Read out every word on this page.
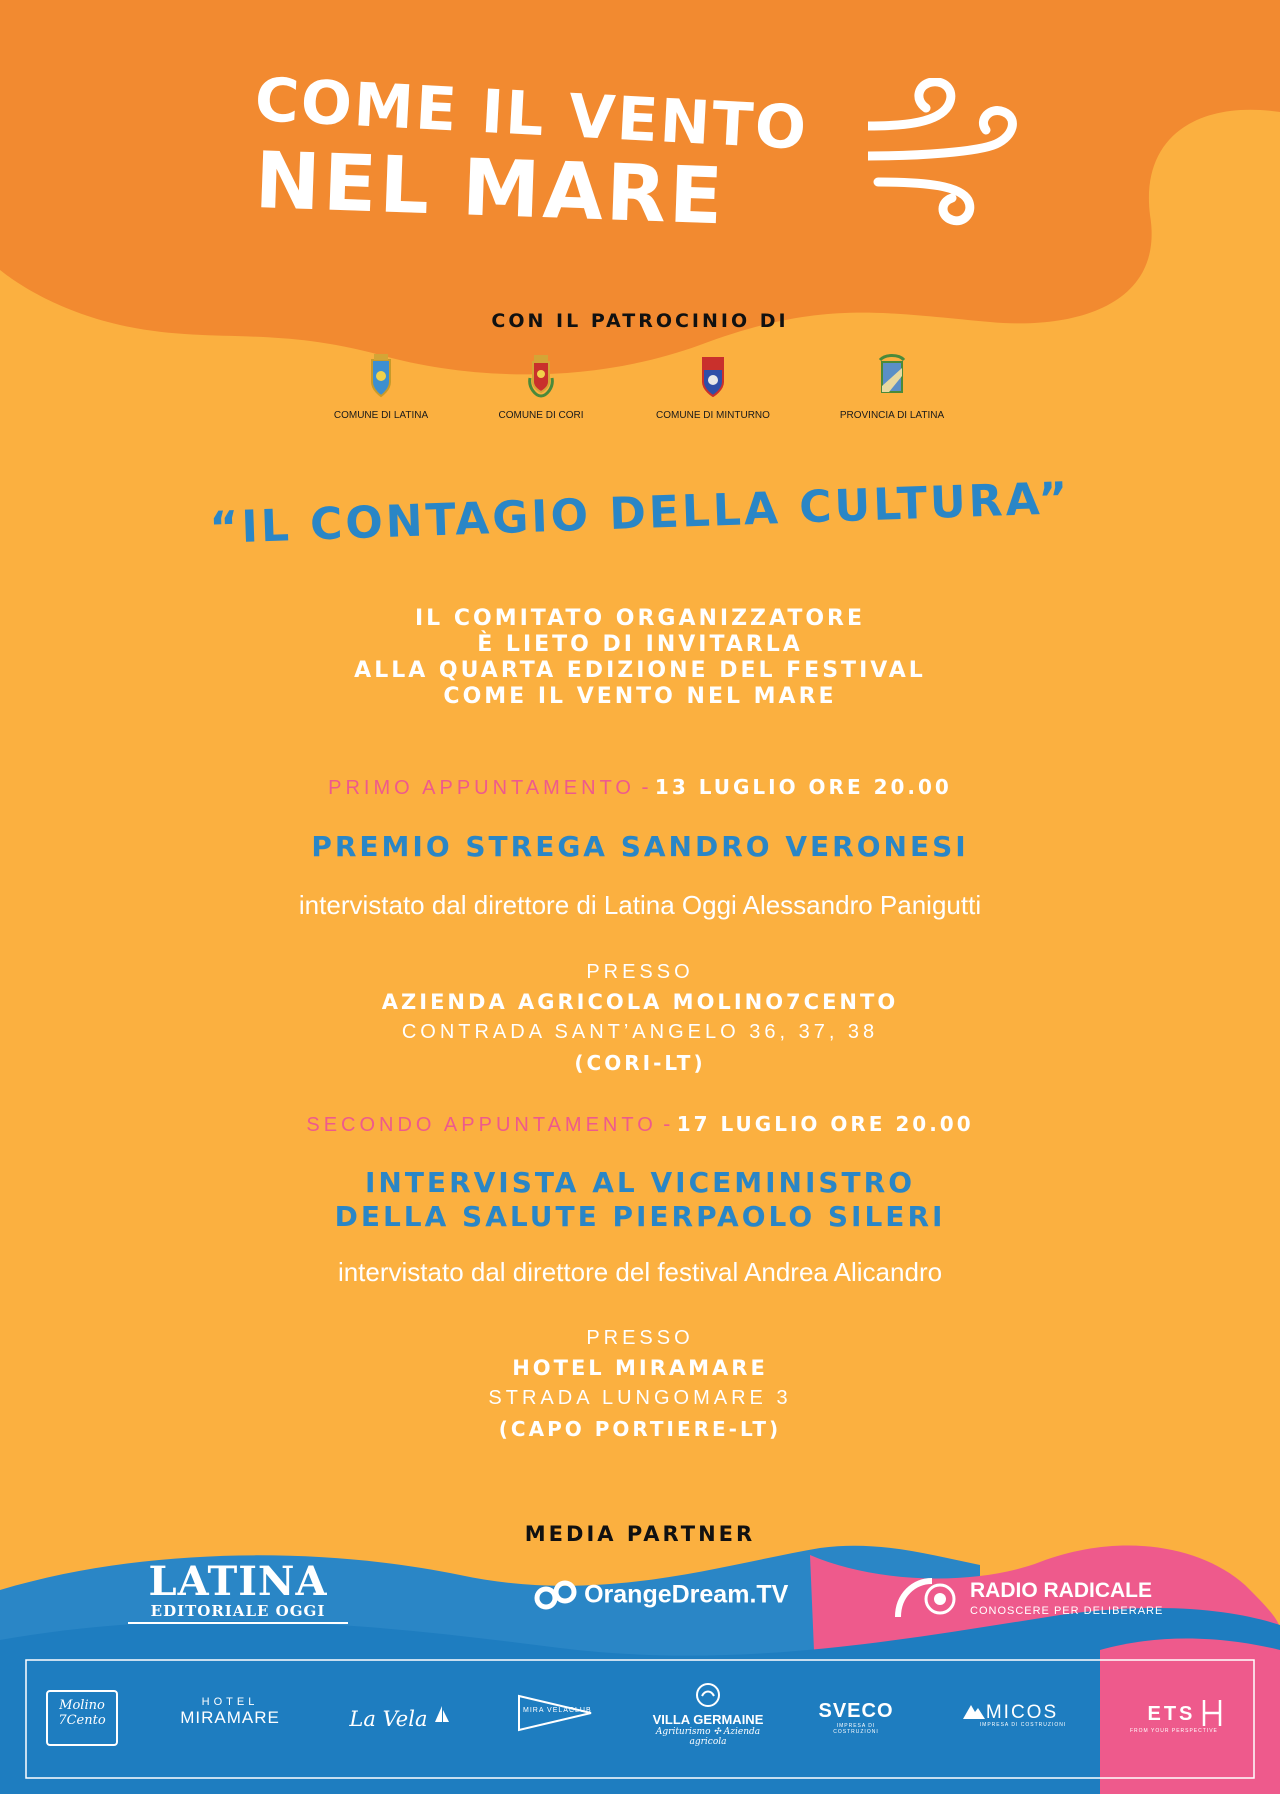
COME IL VENTO
NEL MARE
CON IL PATROCINIO DI
COMUNE DI LATINA	COMUNE DI CORI	COMUNE DI MINTURNO	PROVINCIA DI LATINA
“IL CONTAGIO DELLA CULTURA”
IL COMITATO ORGANIZZATORE
È LIETO DI INVITARLA
ALLA QUARTA EDIZIONE DEL FESTIVAL
COME IL VENTO NEL MARE
PRIMO APPUNTAMENTO - 13 LUGLIO ORE 20.00
PREMIO STREGA SANDRO VERONESI
intervistato dal direttore di Latina Oggi Alessandro Panigutti
PRESSO
AZIENDA AGRICOLA MOLINO7CENTO
CONTRADA SANT’ANGELO 36, 37, 38
(CORI-LT)
SECONDO APPUNTAMENTO - 17 LUGLIO ORE 20.00
INTERVISTA AL VICEMINISTRO
DELLA SALUTE PIERPAOLO SILERI
intervistato dal direttore del festival Andrea Alicandro
PRESSO
HOTEL MIRAMARE
STRADA LUNGOMARE 3
(CAPO PORTIERE-LT)
MEDIA PARTNER
LATINA
EDITORIALE OGGI
OrangeDream.TV	RADIO RADICALE
CONOSCERE PER DELIBERARE
Molino
7Cento
HOTEL
MIRAMARE	La Vela	MIRA VELACLUB
VILLA GERMAINE
Agriturismo ✣ Azienda agricola
SVECO
IMPRESA DI COSTRUZIONI
MICOS
IMPRESA DI COSTRUZIONI	ETS
FROM YOUR PERSPECTIVE
